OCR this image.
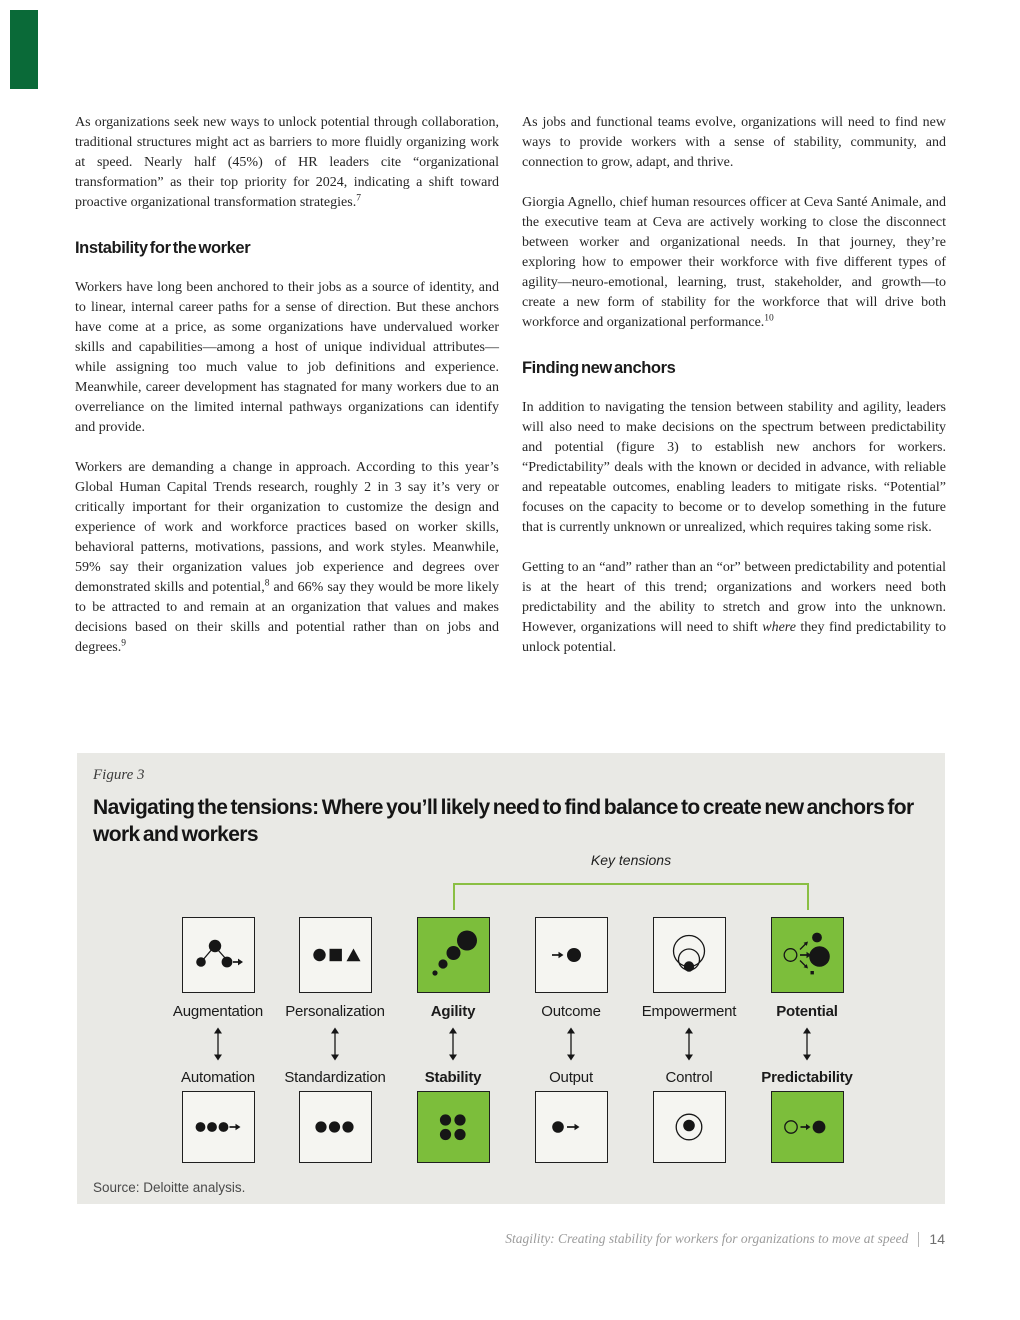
As organizations seek new ways to unlock potential through collaboration, traditional structures might act as barriers to more fluidly organizing work at speed. Nearly half (45%) of HR leaders cite “organizational transformation” as their top priority for 2024, indicating a shift toward proactive organizational transformation strategies.$^7$

Instability for the worker

Workers have long been anchored to their jobs as a source of identity, and to linear, internal career paths for a sense of direction. But these anchors have come at a price, as some organizations have undervalued worker skills and capabilities—among a host of unique individual attributes—while assigning too much value to job definitions and experience. Meanwhile, career development has stagnated for many workers due to an overreliance on the limited internal pathways organizations can identify and provide.

Workers are demanding a change in approach. According to this year’s Global Human Capital Trends research, roughly 2 in 3 say it’s very or critically important for their organization to customize the design and experience of work and workforce practices based on worker skills, behavioral patterns, motivations, passions, and work styles. Meanwhile, 59% say their organization values job experience and degrees over demonstrated skills and potential,$^8$ and 66% say they would be more likely to be attracted to and remain at an organization that values and makes decisions based on their skills and potential rather than on jobs and degrees.$^9$

As jobs and functional teams evolve, organizations will need to find new ways to provide workers with a sense of stability, community, and connection to grow, adapt, and thrive.

Giorgia Agnello, chief human resources officer at Ceva Santé Animale, and the executive team at Ceva are actively working to close the disconnect between worker and organizational needs. In that journey, they’re exploring how to empower their workforce with five different types of agility—neuro-emotional, learning, trust, stakeholder, and growth—to create a new form of stability for the workforce that will drive both workforce and organizational performance.$^{10}$

Finding new anchors

In addition to navigating the tension between stability and agility, leaders will also need to make decisions on the spectrum between predictability and potential (figure 3) to establish new anchors for workers. “Predictability” deals with the known or decided in advance, with reliable and repeatable outcomes, enabling leaders to mitigate risks. “Potential” focuses on the capacity to become or to develop something in the future that is currently unknown or unrealized, which requires taking some risk.

Getting to an “and” rather than an “or” between predictability and potential is at the heart of this trend; organizations and workers need both predictability and the ability to stretch and grow into the unknown. However, organizations will need to shift where they find predictability to unlock potential.

Figure 3
Navigating the tensions: Where you’ll likely need to find balance to create new anchors for work and workers
Key tensions
Augmentation
Automation
Personalization
Standardization
Agility
Stability
Outcome
Output
Empowerment
Control
Potential
Predictability
Source: Deloitte analysis.
Stagility: Creating stability for workers for organizations to move at speed 14
